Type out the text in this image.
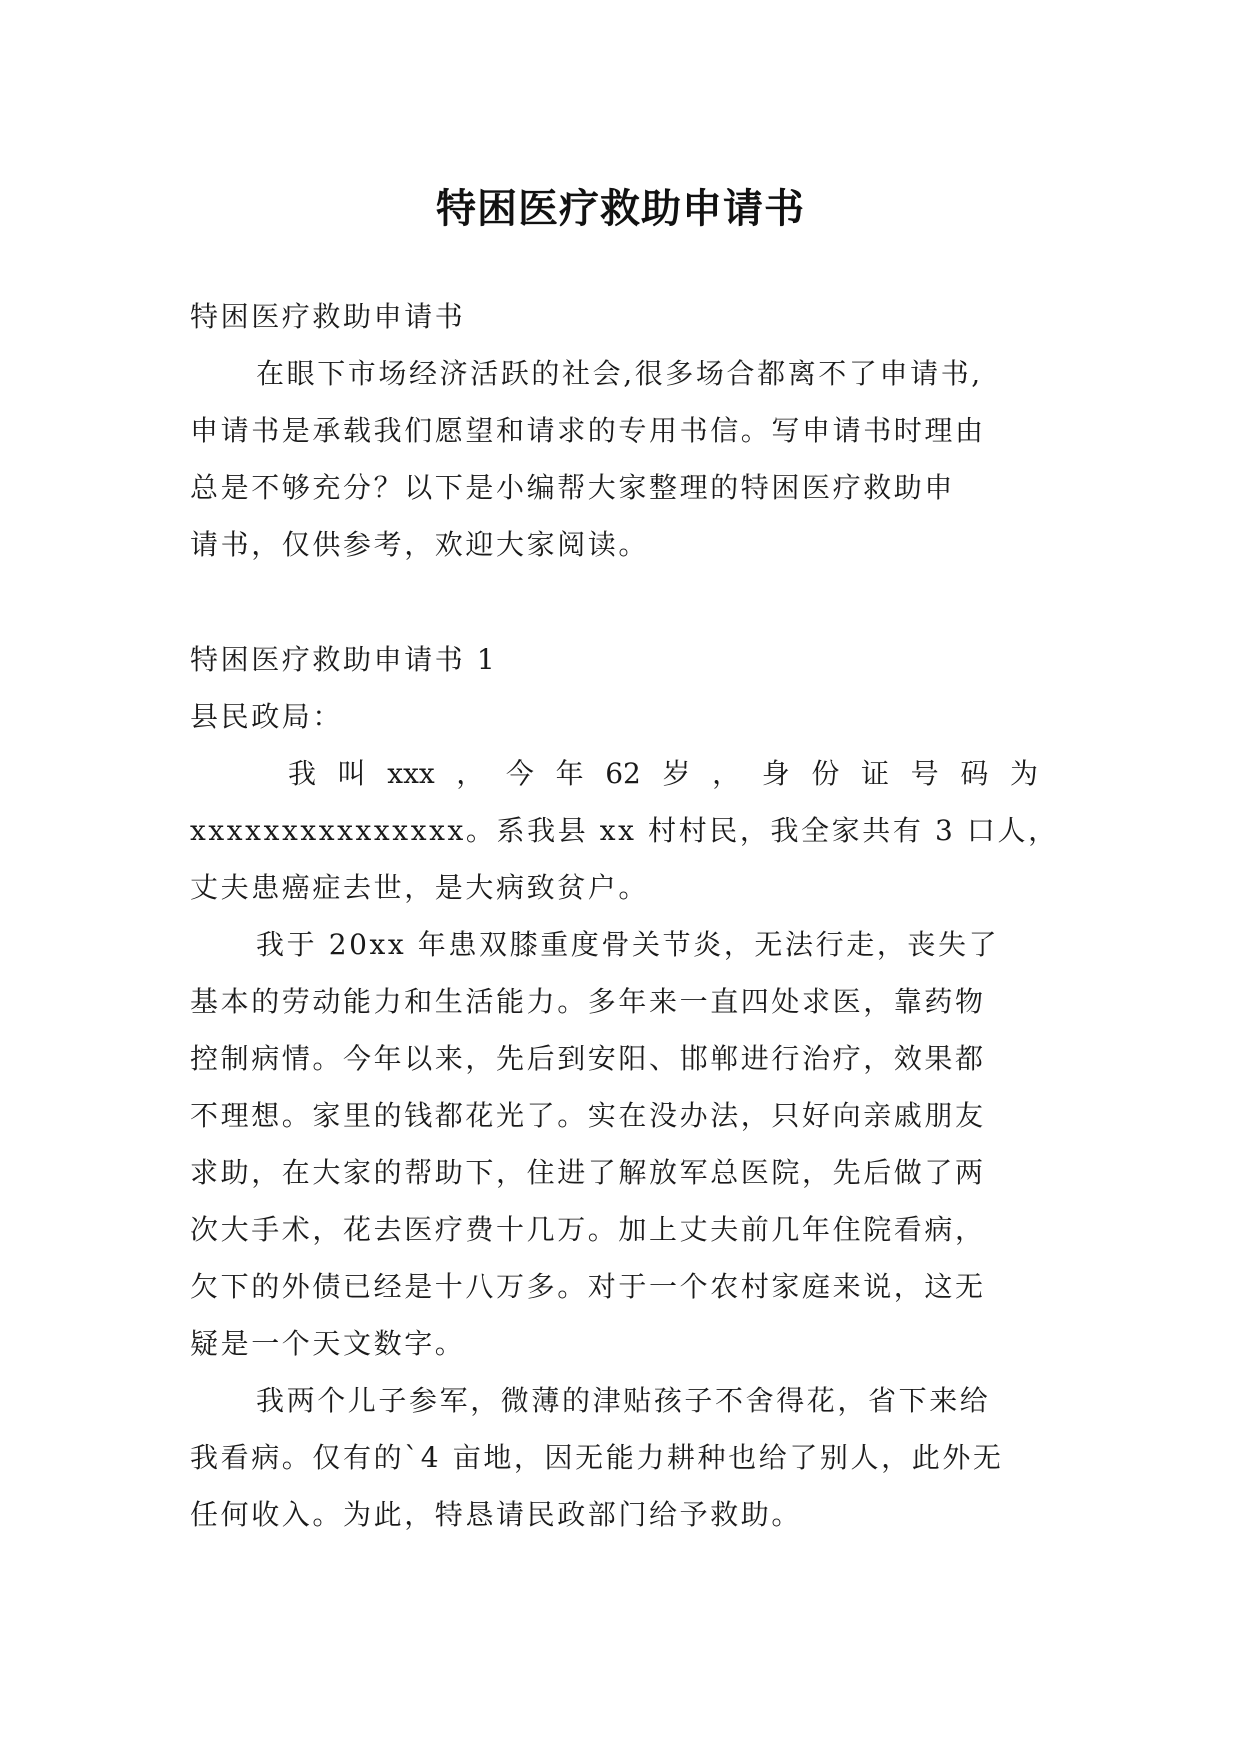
特困医疗救助申请书

特困医疗救助申请书

在眼下市场经济活跃的社会,很多场合都离不了申请书,

申请书是承载我们愿望和请求的专用书信。写申请书时理由

总是不够充分？以下是小编帮大家整理的特困医疗救助申

请书，仅供参考，欢迎大家阅读。

特困医疗救助申请书 1

县民政局：

我 叫 xxx ， 今 年 62 岁 ， 身 份 证 号 码 为

xxxxxxxxxxxxxxx。系我县 xx 村村民，我全家共有 3 口人，

丈夫患癌症去世，是大病致贫户。

我于 20xx 年患双膝重度骨关节炎，无法行走，丧失了

基本的劳动能力和生活能力。多年来一直四处求医，靠药物

控制病情。今年以来，先后到安阳、邯郸进行治疗，效果都

不理想。家里的钱都花光了。实在没办法，只好向亲戚朋友

求助，在大家的帮助下，住进了解放军总医院，先后做了两

次大手术，花去医疗费十几万。加上丈夫前几年住院看病，

欠下的外债已经是十八万多。对于一个农村家庭来说，这无

疑是一个天文数字。

我两个儿子参军，微薄的津贴孩子不舍得花，省下来给

我看病。仅有的`4 亩地，因无能力耕种也给了别人，此外无

任何收入。为此，特恳请民政部门给予救助。
